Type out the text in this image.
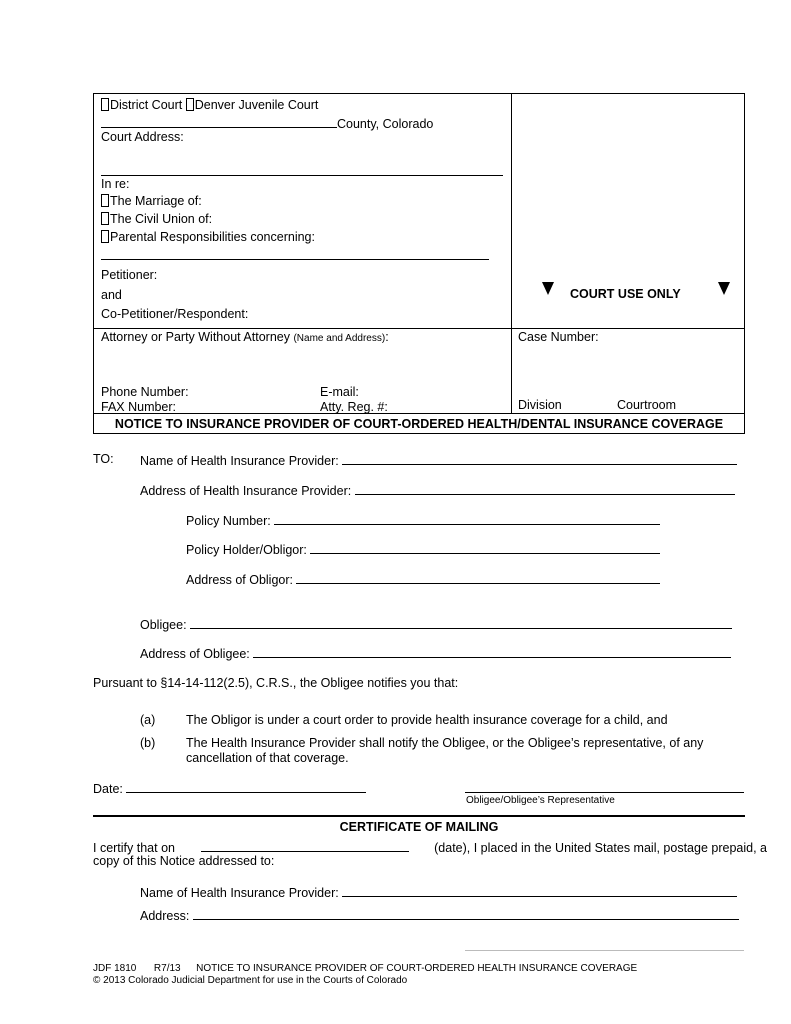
District Court Denver Juvenile Court
County, Colorado
Court Address:
In re:
The Marriage of:
The Civil Union of:
Parental Responsibilities concerning:
Petitioner:
and
Co-Petitioner/Respondent:
COURT USE ONLY
Attorney or Party Without Attorney (Name and Address):	Case Number:
Phone Number:	E-mail:
FAX Number:	Atty. Reg. #:	Division	Courtroom
NOTICE TO INSURANCE PROVIDER OF COURT-ORDERED HEALTH/DENTAL INSURANCE COVERAGE
TO: Name of Health Insurance Provider:
Address of Health Insurance Provider:
Policy Number:
Policy Holder/Obligor:
Address of Obligor:
Obligee:
Address of Obligee:
Pursuant to §14-14-112(2.5), C.R.S., the Obligee notifies you that:
(a) The Obligor is under a court order to provide health insurance coverage for a child, and
(b) The Health Insurance Provider shall notify the Obligee, or the Obligee’s representative, of any
cancellation of that coverage.
Date:
Obligee/Obligee’s Representative
CERTIFICATE OF MAILING
I certify that on	(date), I placed in the United States mail, postage prepaid, a
copy of this Notice addressed to:
Name of Health Insurance Provider:
Address:
JDF 1810 R7/13 NOTICE TO INSURANCE PROVIDER OF COURT-ORDERED HEALTH INSURANCE COVERAGE
© 2013 Colorado Judicial Department for use in the Courts of Colorado
